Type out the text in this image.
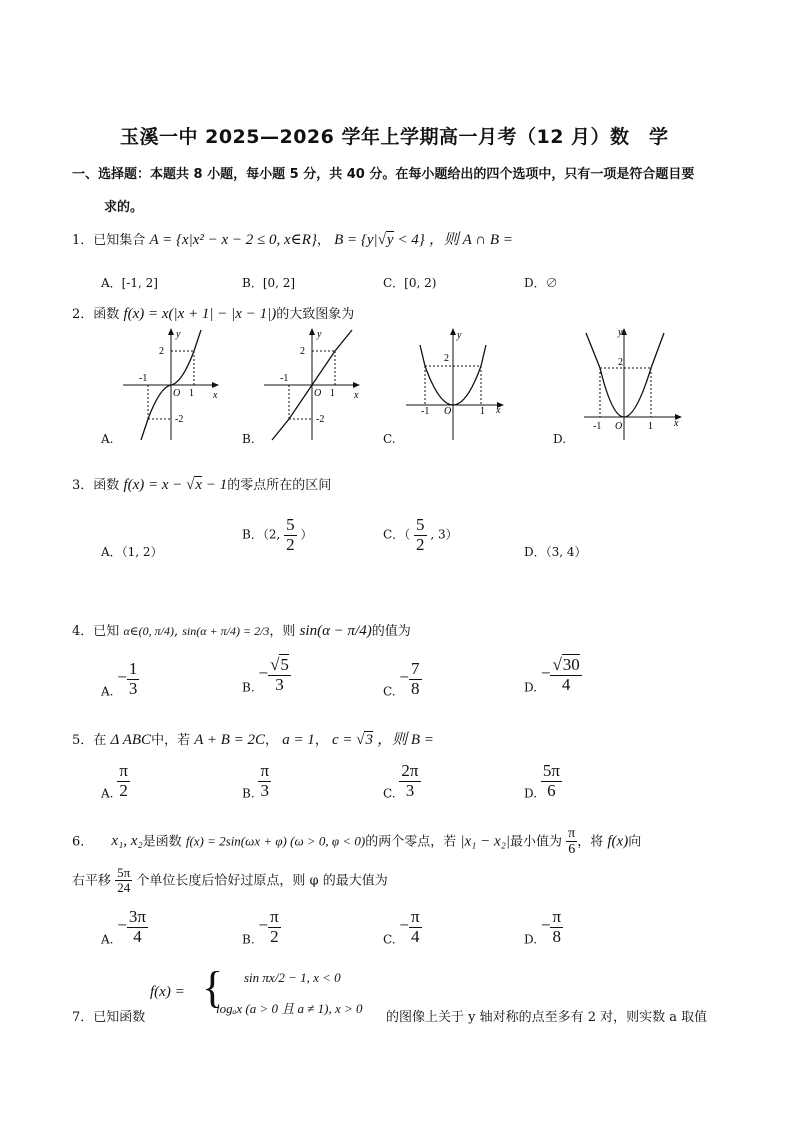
玉溪一中 2025—2026 学年上学期高一月考（12 月）数　学
一、选择题：本题共 8 小题，每小题 5 分，共 40 分。在每小题给出的四个选项中，只有一项是符合题目要
求的。
1．已知集合 A = {x|x² − x − 2 ≤ 0, x∈R}， B = {y|√y < 4} ，则 A ∩ B =
A．[-1, 2]	B．[0, 2]	C．[0, 2)	D．∅
2．函数 f(x) = x(|x + 1| − |x − 1|)的大致图象为
y
x
O
2
-2
-1
1
A.
y
x
O
2
-2
-1
1
B.
y
x
O
2
-1	1
C.
y
x
O
2
-1	1
D.
3．函数 f(x) = x − √x − 1的零点所在的区间
A．（1, 2）
B．（2, $\frac{5}{2}$ ）	C．（ $\frac{5}{2}$ , 3）
D．（3, 4）
4．已知 α∈(0, π/4), sin(α + π/4) = 2/3，则 sin(α − π/4)的值为
A. − $\frac{1}{3}$	B. − $\frac{√5}{3}$	C. − $\frac{7}{8}$	D. − $\frac{√30}{4}$
5．在 Δ ABC中，若 A + B = 2C， a = 1， c = √3 ，则 B =
A. $\frac{\pi}{2}$	B. $\frac{\pi}{3}$	C. $\frac{2\pi}{3}$	D. $\frac{5\pi}{6}$
6． x₁, x₂是函数 f(x) = 2sin(ωx + φ) (ω > 0, φ < 0)的两个零点，若 |x₁ − x₂|最小值为 $\frac{\pi}{6}$ ，将 f(x)向
右平移 $\frac{5\pi}{24}$ 个单位长度后恰好过原点，则 φ 的最大值为
A. − $\frac{3\pi}{4}$	B. − $\frac{\pi}{2}$	C. − $\frac{\pi}{4}$	D. − $\frac{\pi}{8}$
7．已知函数
f(x) = { sin πx/2 − 1, x < 0
logₐx (a > 0 且 a ≠ 1), x > 0
的图像上关于 y 轴对称的点至多有 2 对，则实数 a 取值
